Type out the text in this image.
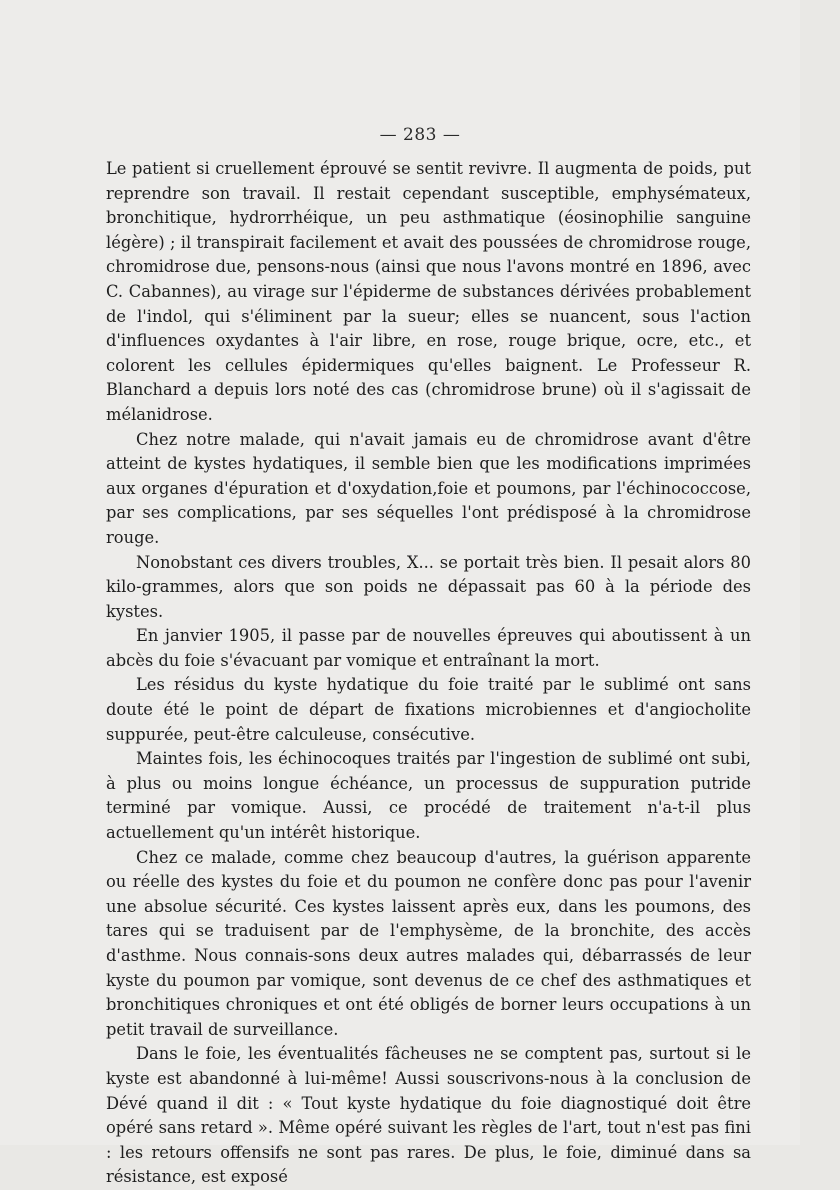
— 283 —

Le patient si cruellement éprouvé se sentit revivre. Il augmenta de poids, put reprendre son travail. Il restait cependant susceptible, emphysémateux, bronchitique, hydrorrhéique, un peu asthmatique (éosinophilie sanguine légère) ; il transpirait facilement et avait des poussées de chromidrose rouge, chromidrose due, pensons-nous (ainsi que nous l'avons montré en 1896, avec C. Cabannes), au virage sur l'épiderme de substances dérivées probablement de l'indol, qui s'éliminent par la sueur; elles se nuancent, sous l'action d'influences oxydantes à l'air libre, en rose, rouge brique, ocre, etc., et colorent les cellules épidermiques qu'elles baignent. Le Professeur R. Blanchard a depuis lors noté des cas (chromidrose brune) où il s'agissait de mélanidrose.

Chez notre malade, qui n'avait jamais eu de chromidrose avant d'être atteint de kystes hydatiques, il semble bien que les modifications imprimées aux organes d'épuration et d'oxydation,foie et poumons, par l'échinococcose, par ses complications, par ses séquelles l'ont prédisposé à la chromidrose rouge.

Nonobstant ces divers troubles, X... se portait très bien. Il pesait alors 80 kilo-grammes, alors que son poids ne dépassait pas 60 à la période des kystes.

En janvier 1905, il passe par de nouvelles épreuves qui aboutissent à un abcès du foie s'évacuant par vomique et entraînant la mort.

Les résidus du kyste hydatique du foie traité par le sublimé ont sans doute été le point de départ de fixations microbiennes et d'angiocholite suppurée, peut-être calculeuse, consécutive.

Maintes fois, les échinocoques traités par l'ingestion de sublimé ont subi, à plus ou moins longue échéance, un processus de suppuration putride terminé par vomique. Aussi, ce procédé de traitement n'a-t-il plus actuellement qu'un intérêt historique.

Chez ce malade, comme chez beaucoup d'autres, la guérison apparente ou réelle des kystes du foie et du poumon ne confère donc pas pour l'avenir une absolue sécurité. Ces kystes laissent après eux, dans les poumons, des tares qui se traduisent par de l'emphysème, de la bronchite, des accès d'asthme. Nous connais-sons deux autres malades qui, débarrassés de leur kyste du poumon par vomique, sont devenus de ce chef des asthmatiques et bronchitiques chroniques et ont été obligés de borner leurs occupations à un petit travail de surveillance.

Dans le foie, les éventualités fâcheuses ne se comptent pas, surtout si le kyste est abandonné à lui-même! Aussi souscrivons-nous à la conclusion de Dévé quand il dit : « Tout kyste hydatique du foie diagnostiqué doit être opéré sans retard ». Même opéré suivant les règles de l'art, tout n'est pas fini : les retours offensifs ne sont pas rares. De plus, le foie, diminué dans sa résistance, est exposé
